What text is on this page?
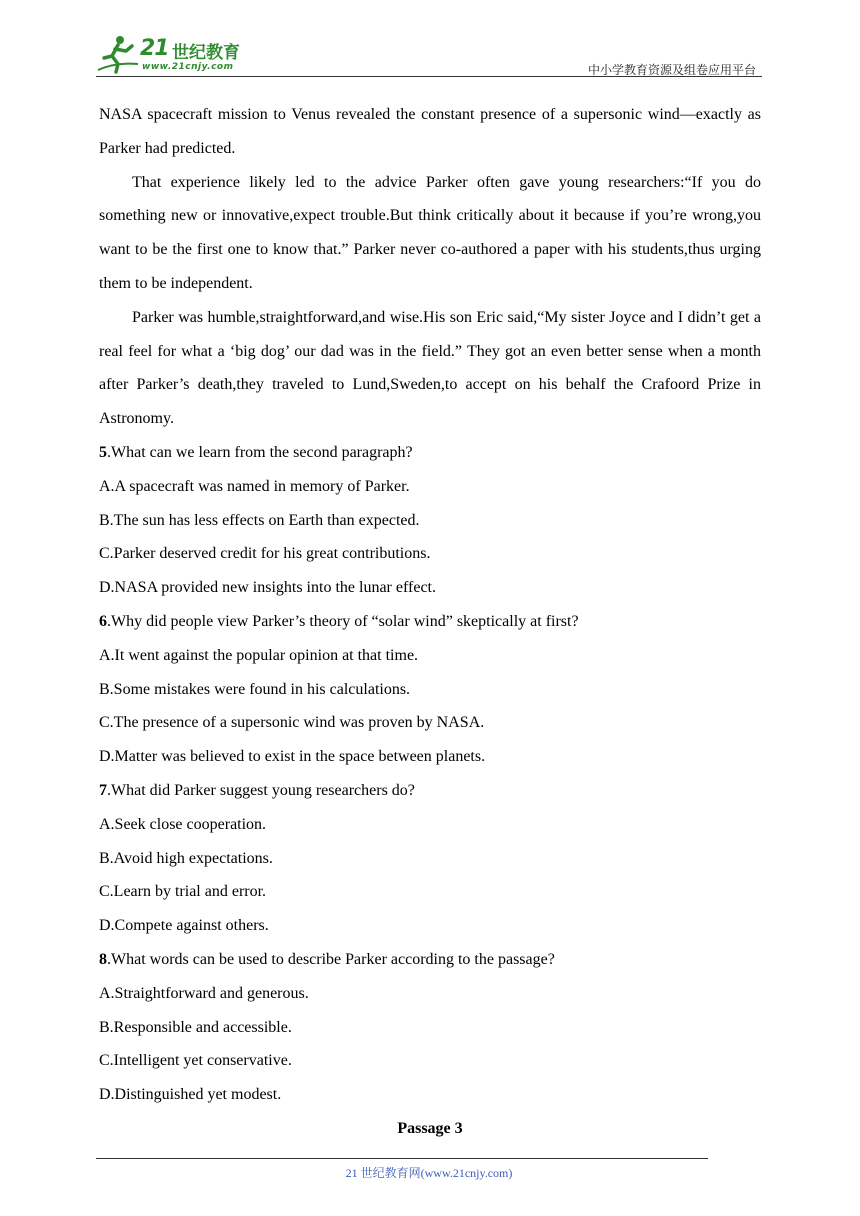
21 世纪教育
www.21cnjy.com	中小学教育资源及组卷应用平台

NASA spacecraft mission to Venus revealed the constant presence of a supersonic wind—exactly as Parker had predicted.

That experience likely led to the advice Parker often gave young researchers:“If you do something new or innovative,expect trouble.But think critically about it because if you’re wrong,you want to be the first one to know that.” Parker never co-authored a paper with his students,thus urging them to be independent.

Parker was humble,straightforward,and wise.His son Eric said,“My sister Joyce and I didn’t get a real feel for what a ‘big dog’ our dad was in the field.” They got an even better sense when a month after Parker’s death,they traveled to Lund,Sweden,to accept on his behalf the Crafoord Prize in Astronomy.

5.What can we learn from the second paragraph?

A.A spacecraft was named in memory of Parker.

B.The sun has less effects on Earth than expected.

C.Parker deserved credit for his great contributions.

D.NASA provided new insights into the lunar effect.

6.Why did people view Parker’s theory of “solar wind” skeptically at first?

A.It went against the popular opinion at that time.

B.Some mistakes were found in his calculations.

C.The presence of a supersonic wind was proven by NASA.

D.Matter was believed to exist in the space between planets.

7.What did Parker suggest young researchers do?

A.Seek close cooperation.

B.Avoid high expectations.

C.Learn by trial and error.

D.Compete against others.

8.What words can be used to describe Parker according to the passage?

A.Straightforward and generous.

B.Responsible and accessible.

C.Intelligent yet conservative.

D.Distinguished yet modest.

Passage 3

21 世纪教育网(www.21cnjy.com)
